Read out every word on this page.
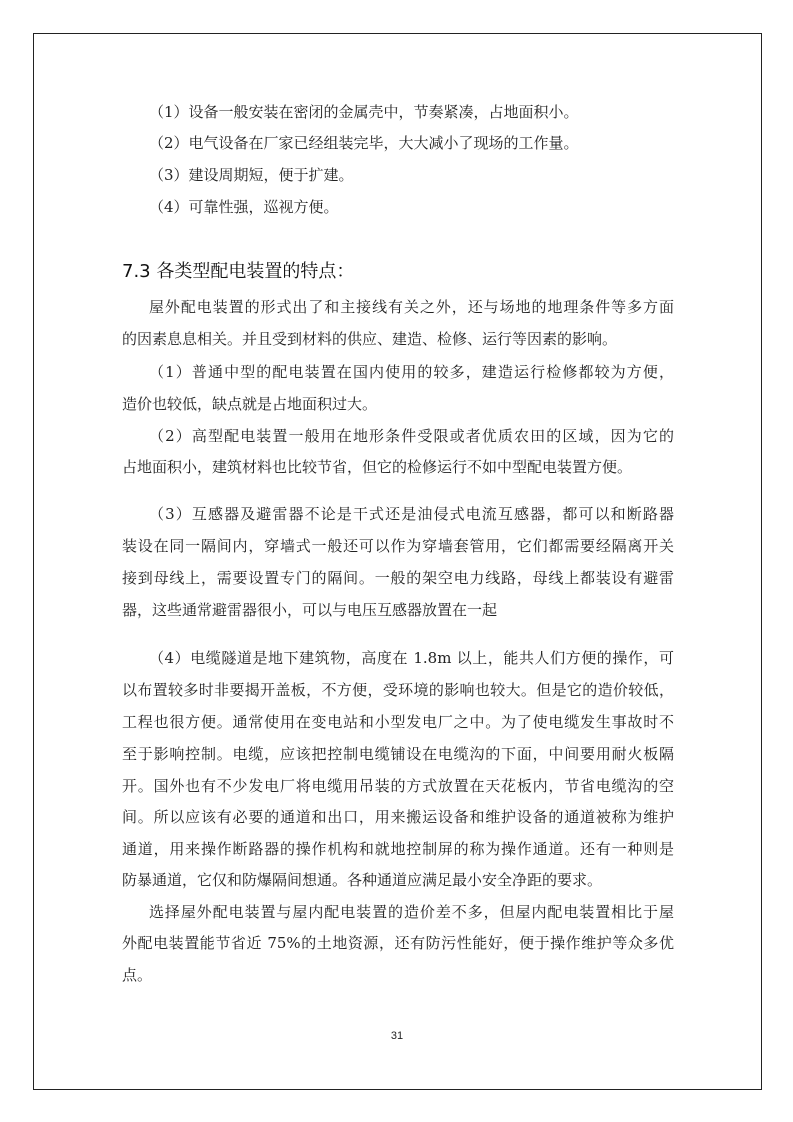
（1）设备一般安装在密闭的金属壳中，节奏紧凑，占地面积小。
（2）电气设备在厂家已经组装完毕，大大减小了现场的工作量。
（3）建设周期短，便于扩建。
（4）可靠性强，巡视方便。
7.3 各类型配电装置的特点：
屋外配电装置的形式出了和主接线有关之外，还与场地的地理条件等多方面
的因素息息相关。并且受到材料的供应、建造、检修、运行等因素的影响。
（1）普通中型的配电装置在国内使用的较多，建造运行检修都较为方便，
造价也较低，缺点就是占地面积过大。
（2）高型配电装置一般用在地形条件受限或者优质农田的区域，因为它的
占地面积小，建筑材料也比较节省，但它的检修运行不如中型配电装置方便。
（3）互感器及避雷器不论是干式还是油侵式电流互感器，都可以和断路器
装设在同一隔间内，穿墙式一般还可以作为穿墙套管用，它们都需要经隔离开关
接到母线上，需要设置专门的隔间。一般的架空电力线路，母线上都装设有避雷
器，这些通常避雷器很小，可以与电压互感器放置在一起
（4）电缆隧道是地下建筑物，高度在 1.8m 以上，能共人们方便的操作，可
以布置较多时非要揭开盖板，不方便，受环境的影响也较大。但是它的造价较低，
工程也很方便。通常使用在变电站和小型发电厂之中。为了使电缆发生事故时不
至于影响控制。电缆，应该把控制电缆铺设在电缆沟的下面，中间要用耐火板隔
开。国外也有不少发电厂将电缆用吊装的方式放置在天花板内，节省电缆沟的空
间。所以应该有必要的通道和出口，用来搬运设备和维护设备的通道被称为维护
通道，用来操作断路器的操作机构和就地控制屏的称为操作通道。还有一种则是
防暴通道，它仅和防爆隔间想通。各种通道应满足最小安全净距的要求。
选择屋外配电装置与屋内配电装置的造价差不多，但屋内配电装置相比于屋
外配电装置能节省近 75%的土地资源，还有防污性能好，便于操作维护等众多优
点。
31
